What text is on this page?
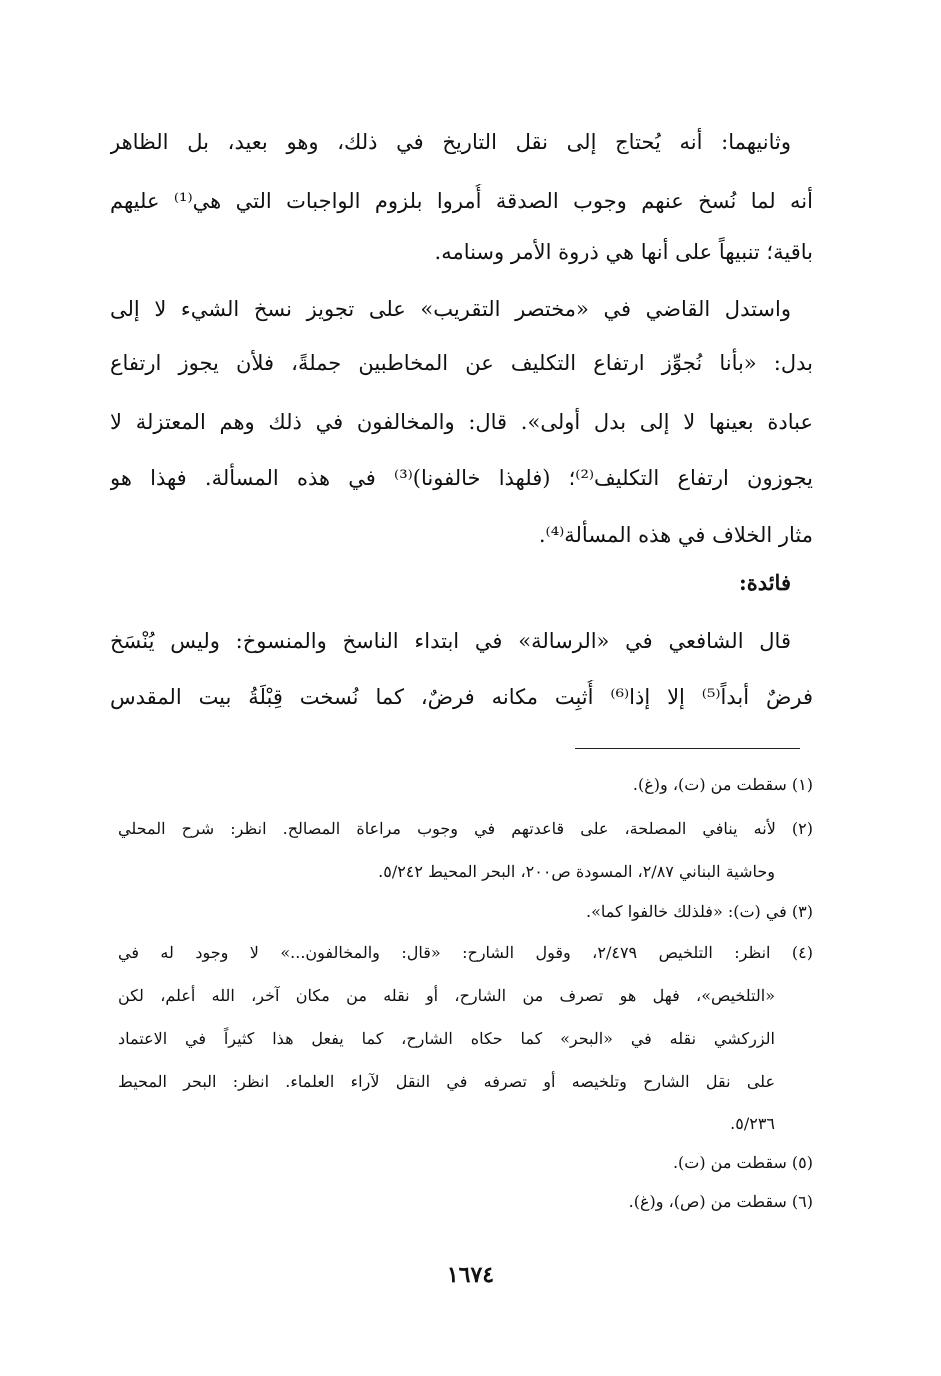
وثانيهما: أنه يُحتاج إلى نقل التاريخ في ذلك، وهو بعيد، بل الظاهر
أنه لما نُسخ عنهم وجوب الصدقة أُمروا بلزوم الواجبات التي هي⁽¹⁾ عليهم
باقية؛ تنبيهاً على أنها هي ذروة الأمر وسنامه.
واستدل القاضي في «مختصر التقريب» على تجويز نسخ الشيء لا إلى
بدل: «بأنا نُجوِّز ارتفاع التكليف عن المخاطبين جملةً، فلأن يجوز ارتفاع
عبادة بعينها لا إلى بدل أولى». قال: والمخالفون في ذلك وهم المعتزلة لا
يجوزون ارتفاع التكليف⁽²⁾؛ (فلهذا خالفونا)⁽³⁾ في هذه المسألة. فهذا هو
مثار الخلاف في هذه المسألة⁽⁴⁾.
فائدة:
قال الشافعي في «الرسالة» في ابتداء الناسخ والمنسوخ: وليس يُنْسَخ
فرضٌ أبداً⁽⁵⁾ إلا إذا⁽⁶⁾ أُثبِت مكانه فرضٌ، كما نُسخت قِبْلَةُ بيت المقدس
(١) سقطت من (ت)، و(غ).
(٢) لأنه ينافي المصلحة، على قاعدتهم في وجوب مراعاة المصالح. انظر: شرح المحلي
وحاشية البناني ٢/٨٧، المسودة ص٢٠٠، البحر المحيط ٥/٢٤٢.
(٣) في (ت): «فلذلك خالفوا كما».
(٤) انظر: التلخيص ٢/٤٧٩، وقول الشارح: «قال: والمخالفون...» لا وجود له في
«التلخيص»، فهل هو تصرف من الشارح، أو نقله من مكان آخر، الله أعلم، لكن
الزركشي نقله في «البحر» كما حكاه الشارح، كما يفعل هذا كثيراً في الاعتماد
على نقل الشارح وتلخيصه أو تصرفه في النقل لآراء العلماء. انظر: البحر المحيط
٥/٢٣٦.
(٥) سقطت من (ت).
(٦) سقطت من (ص)، و(غ).
١٦٧٤
